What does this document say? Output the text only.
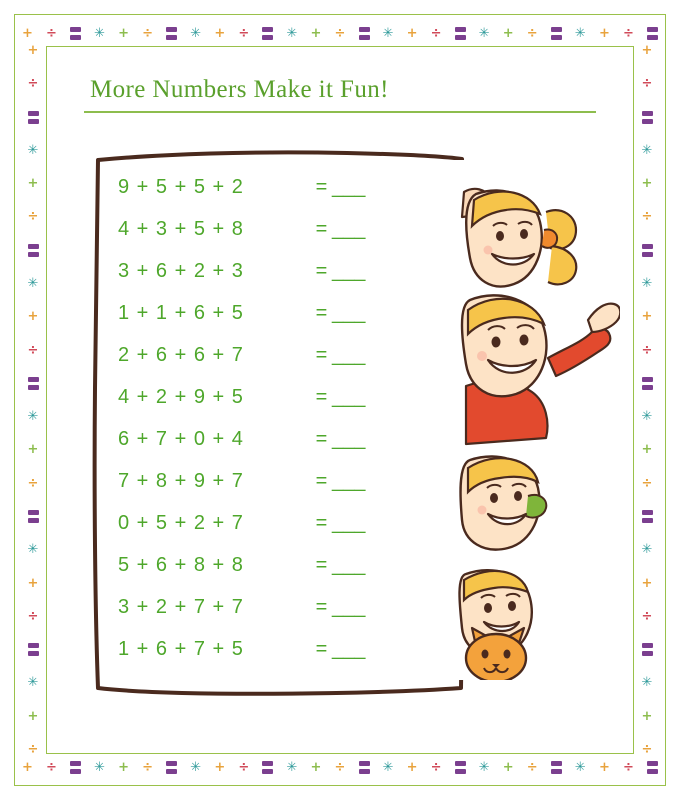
+ ÷	✳ + ÷	✳ + ÷	✳ + ÷	✳ + ÷	✳ + ÷	✳ + ÷
+ ÷	✳ + ÷	✳ + ÷	✳ + ÷	✳ + ÷	✳ + ÷	✳ + ÷
+
÷
✳
+
÷
✳
+
÷
✳
+
÷
✳
+
÷
✳
+
÷
+
÷
✳
+
÷
✳
+
÷
✳
+
÷
✳
+
÷
✳
+
÷
More Numbers Make it Fun!
9 + 5 + 5 + 2	= ___
4 + 3 + 5 + 8	= ___
3 + 6 + 2 + 3	= ___
1 + 1 + 6 + 5	= ___
2 + 6 + 6 + 7	= ___
4 + 2 + 9 + 5	= ___
6 + 7 + 0 + 4	= ___
7 + 8 + 9 + 7	= ___
0 + 5 + 2 + 7	= ___
5 + 6 + 8 + 8	= ___
3 + 2 + 7 + 7	= ___
1 + 6 + 7 + 5	= ___
